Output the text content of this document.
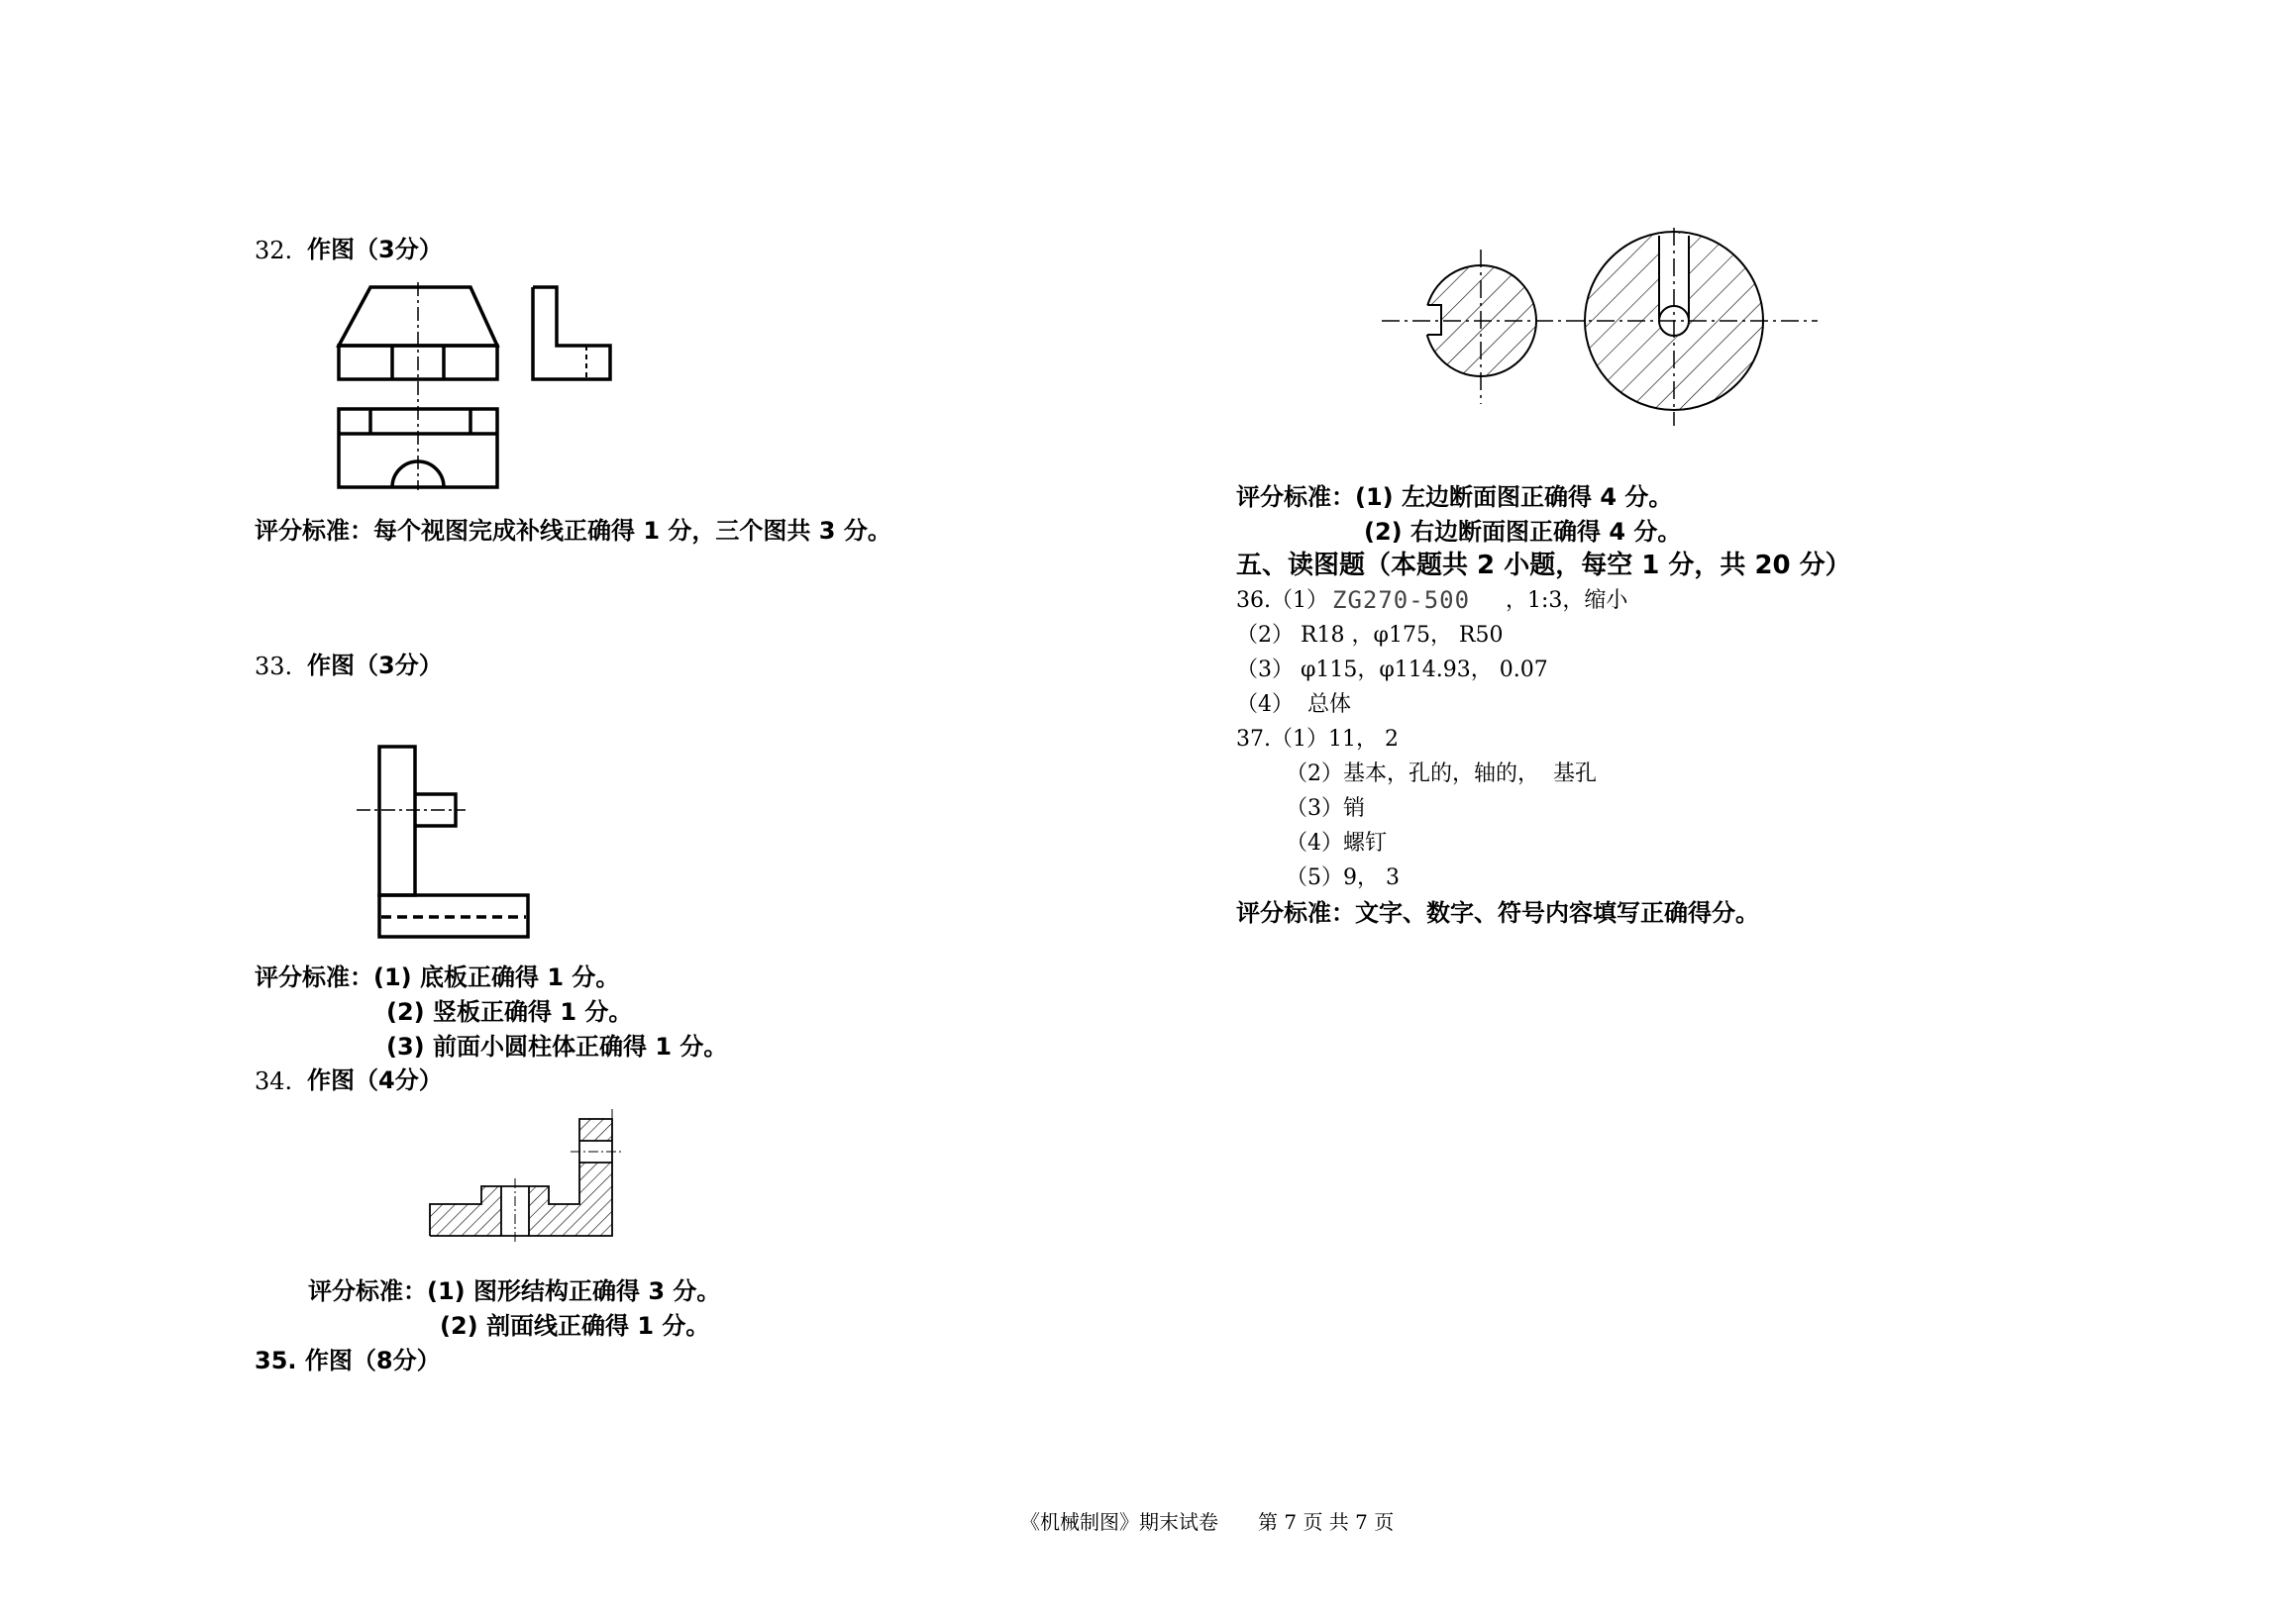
32. 作图（3分）
评分标准：每个视图完成补线正确得 1 分，三个图共 3 分。
33. 作图（3分）
评分标准：(1) 底板正确得 1 分。
(2) 竖板正确得 1 分。
(3) 前面小圆柱体正确得 1 分。
34. 作图（4分）
评分标准：(1) 图形结构正确得 3 分。
(2) 剖面线正确得 1 分。
35. 作图（8分）
评分标准：(1) 左边断面图正确得 4 分。
(2) 右边断面图正确得 4 分。
五、读图题（本题共 2 小题，每空 1 分，共 20 分）
36.（1） ZG270-500 ，1:3，缩小
（2） R18 ，φ175， R50
（3） φ115，φ114.93， 0.07
（4）  总体
37.（1）11， 2
（2）基本，孔的，轴的，  基孔
（3）销
（4）螺钉
（5）9， 3
评分标准：文字、数字、符号内容填写正确得分。
《机械制图》期末试卷 第 7 页 共 7 页
